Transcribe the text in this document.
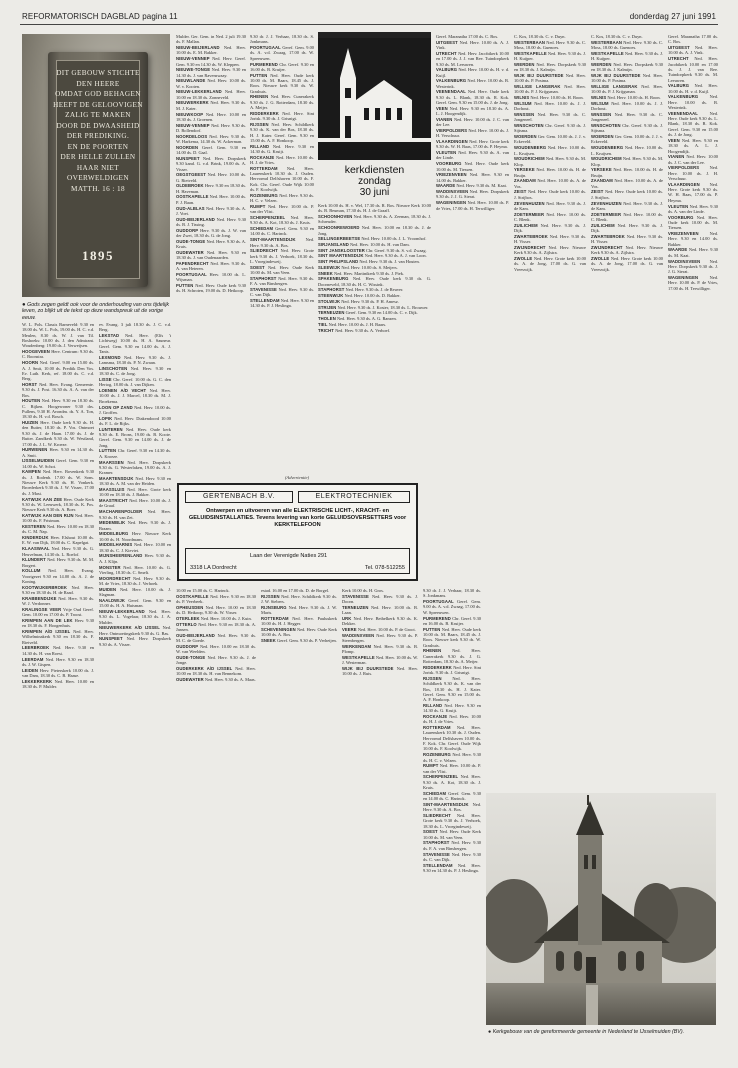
REFORMATORISCH DAGBLAD pagina 11	donderdag 27 juni 1991
DIT GEBOUW STICHTE
DEN HEERE
OMDAT GOD BEHAGEN
HEEFT DE GELOOVIGEN
ZALIG TE MAKEN
DOOR DE DWAASHEID
DER PREDIKING.
EN DE POORTEN
DER HELLE ZULLEN
HAAR NIET
OVERWELDIGEN
MATTH. 16 : 18
1895
● Gods zegen geldt ook voor de onderhouding van ons tijdelijk leven, zo blijkt uit de tekst op deze wandspreuk uit de vorige eeuw.

W. L. Pols. Classis Barneveld: 9.30 en 18.00 ds. W. L. Pols, 19.00 ds. H. C. v.d. Meulen, 8.30 ds. W. J. van Til. Boshoeks: 10.00 ds. J. den Admirant. Woudenberg: 19.00 ds. J. Verweijsen.

HOOGEVEEN Herv. Centrum: 9.30 ds. C. Boonstra.

HOORN Ned. Geref. 9.00 en 15.00 ds. A. J. Smit, 10.00 ds. Prediik Den Vos. Ev. Luth. Kerk, ref. 18.00 ds. C. v.d. Berg.

HORST Ned. Herv. Evang. Gemeente. 9.30 ds. J. Post. 16.30 ds. A. A. van der Bos.

HOUTEN Ned. Herv. 9.30 en 18.30 ds. C. Rijken. Hoogewoner 9.30 drs. Pullens, 9.30 H. Avondm. ds. Y. A. Ton, 18.30 ds. H. v.d. Bosch.

HUIZEN Herv. Oude kerk 9.30 ds. H. den Butter, 18.30 ds. P. Vos. Ontmoet 9.30 ds. J. de Haan. 17.00 ds. J. de Butter. Zandkerk 9.30 ds. W. Westland, 17.00 ds. J. L. W. Kroeze.

HURWENEN Herv. 9.30 en 14.30 ds. A. Smit.

IJSSELMUIDEN Geref. Gem. 9.30 en 14.00 ds. W. Schot.

KAMPEN Ned. Herv. Bovenkerk 9.30 ds. J. Rodenb. 17.00 ds. W. Sons. Nieuwe Kerk 9.30 ds. H. Vonkerk. Broederkerk 9.30 ds. J. W. Visser, 17.00 ds. J. Mast.

KATWIJK AAN ZEE Herv. Oude Kerk 9.30 ds. W. Leeuwerk, 18.30 ds. K. Pos. Nieuwe Kerk 9.30 ds. A. Boer.

KATWIJK AAN DEN RIJN Ned. Herv. 10.00 ds. F. Fristman.

KESTEREN Ned. Herv. 10.00 en 18.30 ds. C. M. Nap.

KINDERDIJK Herv. Elshout 10.00 ds. E. W. van Dijk, 18.00 ds. C. Kapelgat.

KLAASWAAL Ned. Herv. 9.30 ds. G. Heuvelman, 14.30 ds. L. Roelof.

KLUNDERT Ned. Herv. 9.30 ds. M. M. Borgert.

KOLLUM Ned. Herv. Evang. Voortgezet 9.30 en 14.00 ds. A. J. de Koning.

KOOTWIJKERBROEK Ned. Herv. 9.30 en 18.30 ds. H. de Raad.

KRABBENDIJKE Ned. Herv. 9.30 ds. W. J. Verdonner.

KRALINGSE VEER Vrije Oud Geref. Gem. 10.00 en 17.00 ds. P. Troost.

KRIMPEN AAN DE LEK Herv. 9.30 en 18.30 ds. F. Hoogenhuis.

KRIMPEN A/D IJSSEL Ned. Herv. Wilhelminakerk 9.30 en 18.30 ds. F. Rietveld.

LEERBROEK Ned. Herv. 9.30 en 14.30 ds. H. van Roest.

LEERDAM Ned. Herv. 9.30 en 18.30 ds. J. W. Gispen.

LEIDEN Herv. Pieterskerk 10.00 ds. J. van Dam, 18.30 ds. C. B. Haase.

LEKKERKERK Ned. Herv. 10.00 en 18.30 ds. P. Mulder.

ev. Evang. 3 juli 18.30 ds. J. C. v.d. Berg.

LEKSTAD Ned. Herv. (Elfs 't Lichtweg) 10.00 ds. H. A. Sauneur. Geref. Gem. 9.30 en 14.00 ds. A. J. Tanis.

LEXMOND Ned. Herv. 9.30 ds. J. Lamsma, 18.30 ds. P. N. Zwaan.

LINSCHOTEN Ned. Herv. 9.30 en 18.30 ds. C. de Jong.

LISSE Chr. Geref. 10.00 ds. G. C. den Hertog, 18.00 ds. J. van Dijken.

LOENEN A/D VECHT Ned. Herv. 10.00 ds. J. J. Marcel, 18.30 ds. M. J. Broekema.

LOON OP ZAND Ned. Herv. 10.00 ds. J. Groffen.

LOPIK Ned. Herv. Diakendoord 10.00 ds. F. L. de Rijks.

LUNTEREN Ned. Herv. Oude kerk 9.30 ds. E. Brons, 19.00 ds. B. Koote. Geref. Gem. 9.30 en 14.00 ds. J. de Jong.

LUTTEN Chr. Geref. 9.30 en 14.30 ds. A. Kroeze.

MAARSSEN Ned. Herv. Dorpskerk 9.30 ds. G. Westerlaken, 19.00 ds. A. J. Kramer.

MAARTENSDIJK Ned. Herv. 9.30 en 18.30 ds. A. M. van der Heiden.

MAASSLUIS Ned. Herv. Grote kerk 10.00 en 18.30 ds. J. Bakker.

MAASTRICHT Ned. Herv. 10.00 ds. J. de Graaf.

MACHARENPOLDER Ned. Herv. 9.30 ds. H. van Zet.

MEDEMBLIK Ned. Herv. 9.30 ds. J. Braam.

MIDDELBURG Herv. Nieuwe Kerk 10.00 ds. H. Noordmans.

MIDDELHARNIS Ned. Herv. 10.00 en 18.30 ds. C. J. Kieviet.

MIJNSHEERENLAND Herv. 9.30 ds. A. J. Klijn.

MONSTER Ned. Herv. 10.00 ds. G. Vierling, 18.30 ds. C. Smelt.

MOORDRECHT Ned. Herv. 9.30 ds. M. de Vries, 18.30 ds. J. Verhoek.

MUIDEN Ned. Herv. 10.00 ds. J. Slagman.

NAALDWIJK Geref. Gem. 9.30 en 15.00 ds. H. A. Huisman.

NIEUW-LEKKERLAND Ned. Herv. 9.30 ds. L. Vogelaar, 18.30 ds. J. A. Mulder.

NIEUWERKERK A/D IJSSEL Ned. Herv. Ontmoetingskerk 9.30 ds. G. Bas.

NUNSPEET Ned. Herv. Dorpskerk 9.30 ds. A. Visser.

Mulder. Ger. Gem. in Ned. 2 juli 19.30 ds. F. Mallan.

NIEUW-BEIJERLAND Ned. Herv. 10.00 ds. E. M. Bakker.

NIEUW-VENNEP Ned. Herv. Geref. Gem. 9.30 en 14.30 ds. W. Kleppen.

NIEUWE-TONGE Ned. Herv. 9.30 en 14.30 ds. J. van Ravenswaay.

NIEUWLANDE Ned. Herv. 10.00 ds. W. v. Kooten.

NIEUW-LEKKERLAND Ned. Herv. 10.00 en 18.30 ds. Zonneveld.

NIEUWERKERK Ned. Herv. 9.30 ds. M. J. Kater.

NIEUWKOOP Ned. Herv. 10.00 en 18.30 ds. J. Groenen.

NIEUW-VENNEP Ned. Herv. 9.30 ds. D. Bollendorf.

NOORDELOOS Ned. Herv. 9.30 ds. W. Harkema, 14.30 ds. W. Ackerman.

NOORDEN Geref. Gem. 9.30 en 14.00 ds. D. Gaal.

NUNSPEET Ned. Herv. Dorpskerk 9.30 kand. G. v.d. Brink, 19.00 ds. A. Visser.

OEGSTGEEST Ned. Herv. 10.00 ds. G. Rietveld.

OLDEBROEK Herv. 9.30 en 18.30 ds. H. Haveman.

OOSTKAPELLE Ned. Herv. 10.00 ds. P. J. Baan.

OUD-ALBLAS Ned. Herv. 9.30 ds. A. J. Voet.

OUD-BEIJERLAND Ned. Herv. 9.30 ds. B. J. Tissing.

OUDDORP Herv. 9.30 ds. J. W. van der Zwet, 18.30 ds. G. de Jong.

OUDE-TONGE Ned. Herv. 9.30 ds. A. Kruis.

OUDEWATER Ned. Herv. 9.30 en 18.30 ds. J. van Oudenaarden.

PAPENDRECHT Ned. Herv. 9.30 ds. A. van Heteren.

POORTUGAAL Herv. 10.00 ds. L. Wijsman.

PUTTEN Ned. Herv. Oude kerk 9.30 ds. H. Schroten, 19.00 ds. D. Heikoop.

9.30 dr. J. J. Verhaar, 18.30 ds. S. Jonkmans.

POORTUGAAL Geref. Gem. 9.00 ds. A. v.d. Zwaag, 17.00 ds. W. Spreeuwen.

PURMEREND Chr. Geref. 9.30 en 16.00 ds. B. Kruijer.

PUTTEN Ned. Herv. Oude kerk 10.00 ds. M. Baars, 18.45 ds. J. Roos. Nieuwe kerk 9.30 ds. W. Grashuis.

RHENEN Ned. Herv. Cunerakerk 9.30 ds. J. G. Rotterdam, 18.30 ds. A. Meijer.

RIDDERKERK Ned. Herv. Sint Jorisk. 9.30 ds. J. Grisnigt.

RIJSSEN Ned. Herv. Schildkerk 9.30 ds. K. van der Bos, 18.30 ds. H. J. Kater. Geref. Gem. 9.30 en 15.00 ds. A. F. Honkoop.

RILLAND Ned. Herv. 9.30 en 14.30 ds. G. Kruijt.

ROCKANJE Ned. Herv. 10.00 ds. H. J. de Vries.

ROTTERDAM Ned. Herv. Laurenskerk 10.30 ds. J. Ouden. Hervormd Delfshaven 10.00 ds. F. Kok. Chr. Geref. Oude Wijk 10.00 ds. F. Koolwijk.

ROZENBURG Ned. Herv. 9.30 ds. H. C. v. Velzen.

RUMPT Ned. Herv. 10.00 ds. P. van der Vlist.

SCHERPENZEEL Ned. Herv. 9.30 ds. A. Kot, 18.30 ds. J. Kruis.

SCHIEDAM Geref. Gem. 9.30 en 14.00 ds. C. Harinck.

SINT-MAARTENSDIJK Ned. Herv. 9.30 ds. A. Bos.

SLIEDRECHT Ned. Herv. Grote kerk 9.30 ds. J. Verhoek, 18.30 ds. L. Vroegindeweij.

SOEST Ned. Herv. Oude Kerk 10.00 ds. M. van Veen.

STAPHORST Ned. Herv. 9.30 ds. F. A. van Binsbergen.

STAVENISSE Ned. Herv. 9.30 ds. C. van Dijk.

STELLENDAM Ned. Herv. 9.30 en 14.30 ds. P. J. Heslinga.

Kerk 10.00 ds. H. v. Wel, 17.30 ds. R. Bos. Nieuwe Kerk 10.00 ds. B. Beuman, 17.30 ds. H. J. de Graaff.

SCHOONHOVEN Ned. Herv. 9.30 ds. A. Zeeman, 18.30 ds. J. Schreuder.

SCHOONREWOERD Ned. Herv. 10.00 en 18.30 ds. J. de Jong.

SELLINGERBEETSE Ned. Herv. 10.00 ds. J. L. Vroomhof.

SIRJANSLAND Ned. Herv. 10.00 ds. H. van Dam.

SINT JANSKLOOSTER Chr. Geref. 9.30 ds. S. v.d. Zwaag.

SINT MAARTENSDIJK Ned. Herv. 9.30 ds. A. J. van Loon.

SINT PHILIPSLAND Ned. Herv. 9.30 ds. J. van Houten.

SLEEWIJK Ned. Herv. 10.00 ds. S. Meijers.

SNEEK Ned. Herv. Martinikerk 9.30 ds. J. Piek.

SPAKENBURG Ned. Herv. Oude kerk 9.30 ds. G. Doorneveld, 18.30 ds. H. C. Wissink.

STAPHORST Ned. Herv. 9.30 ds. J. de Reuver.

STEENWIJK Ned. Herv. 10.00 ds. D. Bakker.

STOLWIJK Ned. Herv. 9.30 ds. P. H. Amesz.

STRIJEN Ned. Herv. 9.30 ds. J. Koster, 18.30 ds. L. Brouwer.

TERNEUZEN Geref. Gem. 9.30 en 14.00 ds. C. v. Dijk.

THOLEN Ned. Herv. 9.30 ds. A. G. Ranzen.

TIEL Ned. Herv. 10.00 ds. J. H. Baars.

TRICHT Ned. Herv. 9.30 ds. A. Verhoef.

Geref. Maranatha 17.00 ds. C. Bos.

UITGEEST Ned. Herv. 10.00 ds. A. J. Vink.

UTRECHT Ned. Herv. Jacobikerk 10.00 en 17.00 ds. J. J. van Ree. Tuindorpkerk 9.30 ds. M. Leeuwen.

VALBURG Ned. Herv. 10.00 ds. H. v. d. Kuijl.

VALKENBURG Ned. Herv. 10.00 ds. B. Westerink.

VEENENDAAL Ned. Herv. Oude kerk 9.30 ds. L. Blank, 18.30 ds. R. Kok. Geref. Gem. 9.30 en 15.00 ds. J. de Jong.

VEEN Ned. Herv. 9.30 en 18.30 ds. A. L. J. Hoogendijk.

VIANEN Ned. Herv. 10.00 ds. J. C. van der Lee.

VIERPOLDERS Ned. Herv. 10.00 ds. J. H. Verschuur.

VLAARDINGEN Ned. Herv. Grote kerk 9.30 ds. W. H. Baas, 17.00 ds. P. Heyma.

VLEUTEN Ned. Herv. 9.30 ds. A. van der Linde.

VOORBURG Ned. Herv. Oude kerk 10.00 ds. M. Tiessen.

VRIEZENVEEN Ned. Herv. 9.30 en 14.00 ds. Bakker.

WAARDE Ned. Herv. 9.30 ds. M. Kaat.

WADDINXVEEN Ned. Herv. Dorpskerk 9.30 ds. J. J. G. Sierat.

WAGENINGEN Ned. Herv. 10.00 ds. P. de Vries, 17.00 ds. H. Terwilliger.

C. Kos, 18.30 ds. C. v. Duyn.

WESTERBAAN Ned. Herv. 9.30 ds. C. Moss, 18.00 ds. Guenoes.

WESTKAPELLE Ned. Herv. 9.30 ds. J. H. Kuijper.

WIERDEN Ned. Herv. Dorpskerk 9.30 en 18.30 ds. J. Kalmijn.

WIJK BIJ DUURSTEDE Ned. Herv. 10.00 ds. P. Postma.

WILLIGE LANGERAK Ned. Herv. 10.00 ds. P. J. Krijgsman.

WILNIS Ned. Herv. 10.00 ds. H. Boon.

WILSUM Ned. Herv. 10.00 ds. J. J. Dorhout.

WINSSEN Ned. Herv. 9.30 ds. C. Jongeneel.

WINSCHOTEN Chr. Geref. 9.30 ds. J. Sijtsma.

WOERDEN Ger. Gem. 10.00 ds. J. J. v. Eckeveld.

WOUDENBERG Ned. Herv. 10.00 ds. L. Kruijsen.

WOUDRICHEM Ned. Herv. 9.30 ds. M. Klop.

YERSEKE Ned. Herv. 10.00 ds. H. de Bruijn.

ZAANDAM Ned. Herv. 10.00 ds. A. de Vos.

ZEIST Ned. Herv. Oude kerk 10.00 ds. J. Strijbos.

ZEVENHUIZEN Ned. Herv. 9.30 ds. J. de Kam.

ZOETERMEER Ned. Herv. 10.00 ds. C. Blenk.

ZUILICHEM Ned. Herv. 9.30 ds. J. Dijk.

ZWARTEBROEK Ned. Herv. 9.30 ds. H. Visser.

ZWIJNDRECHT Ned. Herv. Nieuwe Kerk 9.30 ds. A. Zijlstra.

ZWOLLE Ned. Herv. Grote kerk 10.00 ds. A. de Jong, 17.00 ds. G. van Vreeswijk.

C. Kos, 18.30 ds. C. v. Duyn.

WESTERBAAN Ned. Herv. 9.30 ds. C. Moss, 18.00 ds. Guenoes.

WESTKAPELLE Ned. Herv. 9.30 ds. J. H. Kuijper.

WIERDEN Ned. Herv. Dorpskerk 9.30 en 18.30 ds. J. Kalmijn.

WIJK BIJ DUURSTEDE Ned. Herv. 10.00 ds. P. Postma.

WILLIGE LANGERAK Ned. Herv. 10.00 ds. P. J. Krijgsman.

WILNIS Ned. Herv. 10.00 ds. H. Boon.

WILSUM Ned. Herv. 10.00 ds. J. J. Dorhout.

WINSSEN Ned. Herv. 9.30 ds. C. Jongeneel.

WINSCHOTEN Chr. Geref. 9.30 ds. J. Sijtsma.

WOERDEN Ger. Gem. 10.00 ds. J. J. v. Eckeveld.

WOUDENBERG Ned. Herv. 10.00 ds. L. Kruijsen.

WOUDRICHEM Ned. Herv. 9.30 ds. M. Klop.

YERSEKE Ned. Herv. 10.00 ds. H. de Bruijn.

ZAANDAM Ned. Herv. 10.00 ds. A. de Vos.

ZEIST Ned. Herv. Oude kerk 10.00 ds. J. Strijbos.

ZEVENHUIZEN Ned. Herv. 9.30 ds. J. de Kam.

ZOETERMEER Ned. Herv. 10.00 ds. C. Blenk.

ZUILICHEM Ned. Herv. 9.30 ds. J. Dijk.

ZWARTEBROEK Ned. Herv. 9.30 ds. H. Visser.

ZWIJNDRECHT Ned. Herv. Nieuwe Kerk 9.30 ds. A. Zijlstra.

ZWOLLE Ned. Herv. Grote kerk 10.00 ds. A. de Jong, 17.00 ds. G. van Vreeswijk.

Geref. Maranatha 17.00 ds. C. Bos.

UITGEEST Ned. Herv. 10.00 ds. A. J. Vink.

UTRECHT Ned. Herv. Jacobikerk 10.00 en 17.00 ds. J. J. van Ree. Tuindorpkerk 9.30 ds. M. Leeuwen.

VALBURG Ned. Herv. 10.00 ds. H. v. d. Kuijl.

VALKENBURG	Ned. Herv. 10.00 ds. B. Westerink.

VEENENDAAL	Ned. Herv. Oude kerk 9.30 ds. L. Blank, 18.30 ds. R. Kok. Geref. Gem. 9.30 en 15.00 ds. J. de Jong.

VEEN Ned. Herv. 9.30 en 18.30 ds. A. L. J. Hoogendijk.

VIANEN Ned. Herv. 10.00 ds. J. C. van der Lee.

VIERPOLDERS Ned. Herv. 10.00 ds. J. H. Verschuur.

VLAARDINGEN Ned. Herv. Grote kerk 9.30 ds. W. H. Baas, 17.00 ds. P. Heyma.

VLEUTEN Ned. Herv. 9.30 ds. A. van der Linde.

VOORBURG Ned. Herv. Oude kerk 10.00 ds. M. Tiessen.

VRIEZENVEEN Ned. Herv. 9.30 en 14.00 ds. Bakker.

WAARDE Ned. Herv. 9.30 ds. M. Kaat.

WADDINXVEEN Ned. Herv. Dorpskerk 9.30 ds. J. J. G. Sierat.

WAGENINGEN	Ned. Herv. 10.00 ds. P. de Vries, 17.00 ds. H. Terwilliger.

10.00 en 15.00 ds. C. Harinck.

OOSTKAPELLE Ned. Herv. 9.30 en 18.30 ds. P. Veerbeek.

OPHEUSDEN Ned. Herv. 10.00 en 18.30 ds. D. Heikoop, 9.30 ds. W. Visser.

OTERLEEK Ned. Herv. 10.00 ds. J. Kuin.

OTTERLO Ned. Herv. 9.30 en 18.30 ds. A. Jansen.

OUD-BEIJERLAND Ned. Herv. 9.30 ds. M. C. de Goede.

OUDDORP Ned. Herv. 10.00 en 18.30 ds. W. van Weelden.

OUDE-TONGE Ned. Herv. 9.30 ds. J. de Jonge.

OUDERKERK A/D IJSSEL Ned. Herv. 10.00 en 18.30 ds. H. van Bennekom.

OUDEWATER Ned. Herv. 9.30 ds. A. Maas.

estad. 16.00 en 17.00 ds. D. de Borgel.

RIJSSEN Ned. Herv. Schildkerk 9.30 ds. J. W. Siebers.

RIJNSBURG Ned. Herv. 9.30 ds. J. W. Maris.

ROTTERDAM Ned. Herv. Pauluskerk 10.00 ds. H. J. Hegger.

SCHEVENINGEN Ned. Herv. Oude Kerk 10.00 ds. A. Bos.

SNEEK Geref. Gem. 9.30 ds. P. Verheijen.

Kerk 10.00 ds. H. Gros.

STAVENISSE Ned. Herv. 9.30 ds. J. Doorn.

TERNEUZEN Ned. Herv. 10.00 ds. B. Laan.

URK Ned. Herv. Bethelkerk 9.30 ds. K. Dekker.

VEERE Ned. Herv. 10.00 ds. P. de Groot.

WADDINXVEEN Ned. Herv. 9.30 ds. P. Steenbergen.

WERKENDAM Ned. Herv. 9.30 ds. B. Plomp.

WESTKAPELLE Ned. Herv. 10.00 ds. W. J. Westerman.

WIJK BIJ DUURSTEDE Ned. Herv. 10.00 ds. J. Ruis.

9.30 dr. J. J. Verhaar, 18.30 ds. S. Jonkmans.

POORTUGAAL Geref. Gem. 9.00 ds. A. v.d. Zwaag, 17.00 ds. W. Spreeuwen.

PURMEREND Chr. Geref. 9.30 en 16.00 ds. B. Kruijer.

PUTTEN Ned. Herv. Oude kerk 10.00 ds. M. Baars, 18.45 ds. J. Roos. Nieuwe kerk 9.30 ds. W. Grashuis.

RHENEN Ned. Herv. Cunerakerk 9.30 ds. J. G. Rotterdam, 18.30 ds. A. Meijer.

RIDDERKERK Ned. Herv. Sint Jorisk. 9.30 ds. J. Grisnigt.

RIJSSEN Ned. Herv. Schildkerk 9.30 ds. K. van der Bos, 18.30 ds. H. J. Kater. Geref. Gem. 9.30 en 15.00 ds. A. F. Honkoop.

RILLAND Ned. Herv. 9.30 en 14.30 ds. G. Kruijt.

ROCKANJE Ned. Herv. 10.00 ds. H. J. de Vries.

ROTTERDAM Ned. Herv. Laurenskerk 10.30 ds. J. Ouden. Hervormd Delfshaven 10.00 ds. F. Kok. Chr. Geref. Oude Wijk 10.00 ds. F. Koolwijk.

ROZENBURG Ned. Herv. 9.30 ds. H. C. v. Velzen.

RUMPT Ned. Herv. 10.00 ds. P. van der Vlist.

SCHERPENZEEL Ned. Herv. 9.30 ds. A. Kot, 18.30 ds. J. Kruis.

SCHIEDAM Geref. Gem. 9.30 en 14.00 ds. C. Harinck.

SINT-MAARTENSDIJK Ned. Herv. 9.30 ds. A. Bos.

SLIEDRECHT Ned. Herv. Grote kerk 9.30 ds. J. Verhoek, 18.30 ds. L. Vroegindeweij.

SOEST Ned. Herv. Oude Kerk 10.00 ds. M. van Veen.

STAPHORST Ned. Herv. 9.30 ds. F. A. van Binsbergen.

STAVENISSE Ned. Herv. 9.30 ds. C. van Dijk.

STELLENDAM Ned. Herv. 9.30 en 14.30 ds. P. J. Heslinga.

kerkdiensten
zondag
30 juni
(Advertentie)
GERTENBACH B.V.	ELEKTROTECHNIEK
Ontwerpen en uitvoeren van alle ELEKTRISCHE LICHT-, KRACHT- en GELUIDSINSTALLATIES. Tevens levering van korte GELUIDSOVERSETTERS voor KERKTELEFOON
Laan der Verenigde Naties 291
3318 LA Dordrecht	Tel. 078-512255
● Kerkgebouw van de gereformeerde gemeente in Nederland te IJsselmuiden (BV).
